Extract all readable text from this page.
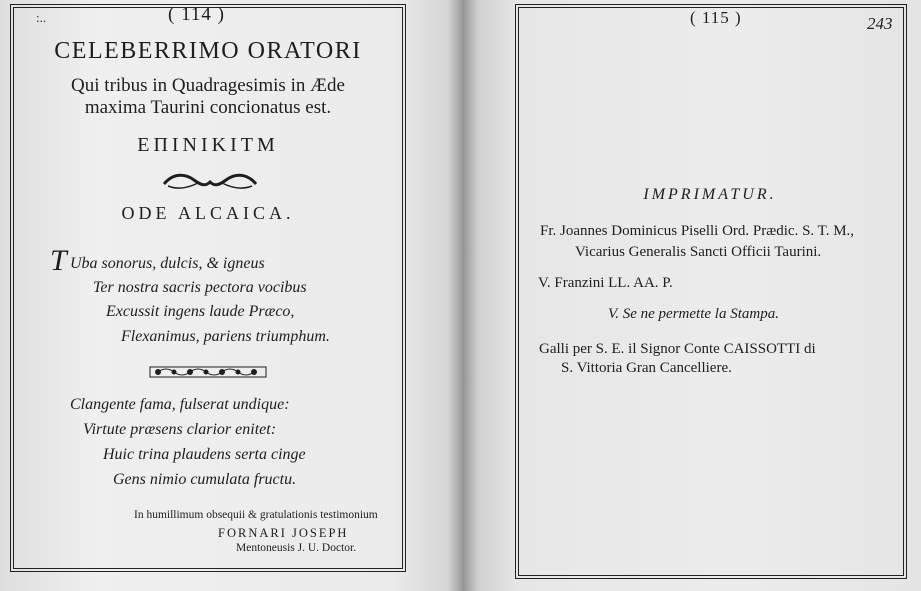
:..	( 114 )
CELEBERRIMO ORATORI
Qui tribus in Quadragesimis in Æde
maxima Taurini concionatus est.
ΕΠΙΝΙΚΙΤΜ
ODE ALCAICA.
T Uba sonorus, dulcis, & igneus
Ter nostra sacris pectora vocibus
Excussit ingens laude Præco,
Flexanimus, pariens triumphum.
Clangente fama, fulserat undique:
Virtute præsens clarior enitet:
Huic trina plaudens serta cinge
Gens nimio cumulata fructu.
In humillimum obsequii & gratulationis testimonium
FORNARI JOSEPH
Mentoneusis J. U. Doctor.
( 115 )	243
IMPRIMATUR.
Fr. Joannes Dominicus Piselli Ord. Prædic. S. T. M.,
Vicarius Generalis Sancti Officii Taurini.
V. Franzini LL. AA. P.
V. Se ne permette la Stampa.
Galli per S. E. il Signor Conte CAISSOTTI di
S. Vittoria Gran Cancelliere.
